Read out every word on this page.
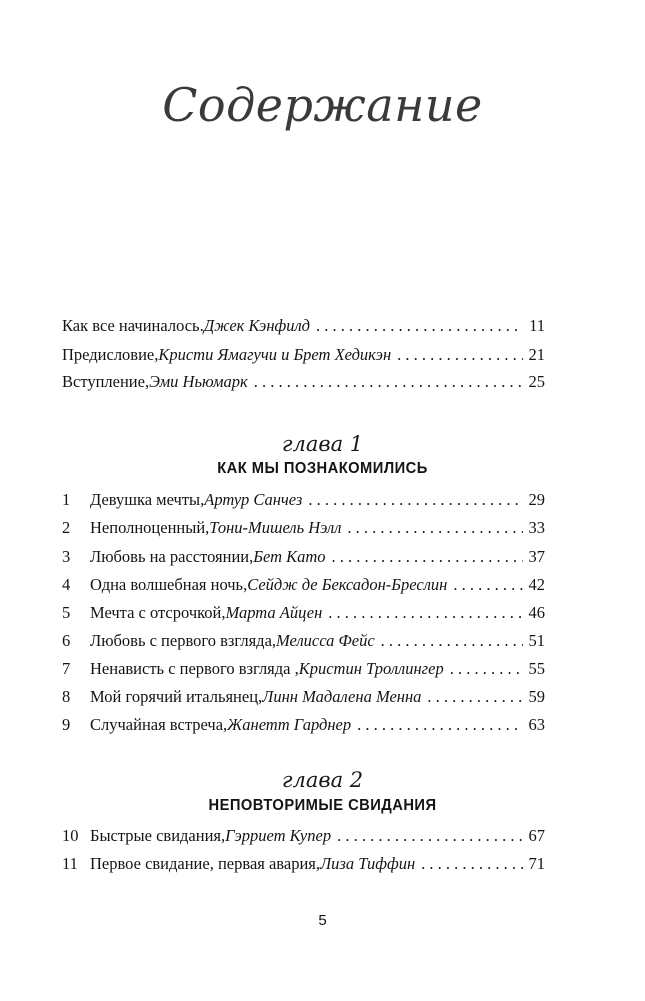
Содержание
Как все начиналось. Джек Кэнфилд . . .	11
Предисловие, Кристи Ямагучи и Брет Хедикэн . . .	21
Вступление, Эми Ньюмарк . . .	25
глава 1
КАК МЫ ПОЗНАКОМИЛИСЬ
1	Девушка мечты, Артур Санчез . . .	29
2	Неполноценный, Тони-Мишель Нэлл . . .	33
3	Любовь на расстоянии, Бет Като . . .	37
4	Одна волшебная ночь, Сейдж де Бексадон-Бреслин . . .	42
5	Мечта с отсрочкой, Марта Айцен . . .	46
6	Любовь с первого взгляда, Мелисса Фейс . . .	51
7	Ненависть с первого взгляда , Кристин Троллингер . . .	55
8	Мой горячий итальянец, Линн Мадалена Менна . . .	59
9	Случайная встреча, Жанетт Гарднер . . .	63
глава 2
НЕПОВТОРИМЫЕ СВИДАНИЯ
10 Быстрые свидания, Гэрриет Купер . . .	67
11 Первое свидание, первая авария, Лиза Тиффин . . .	71
5
